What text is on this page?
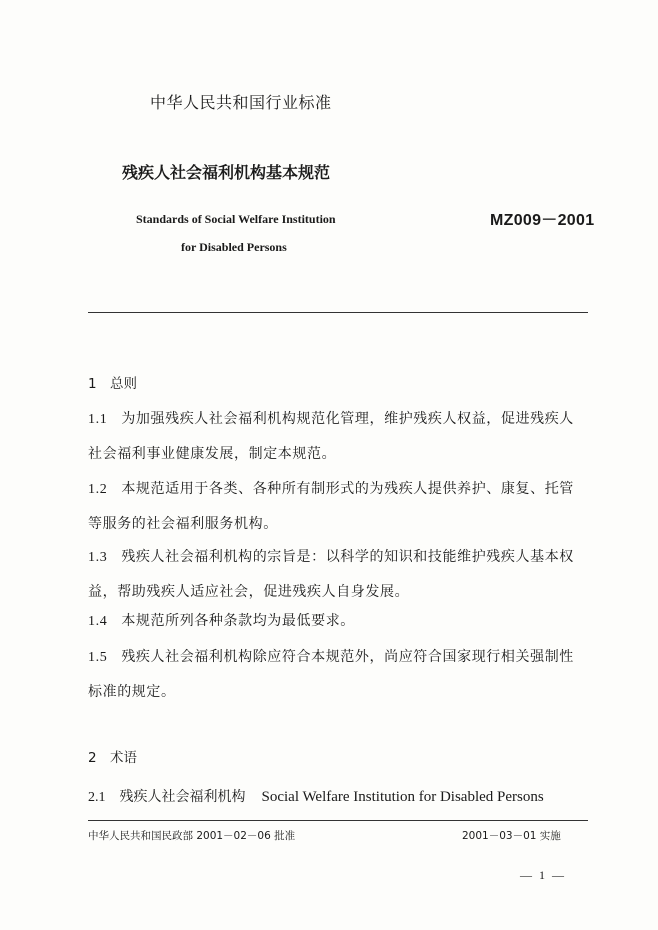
中华人民共和国行业标准
残疾人社会福利机构基本规范
Standards of Social Welfare Institution
for Disabled Persons
MZ009－2001
1 总则
1.1 为加强残疾人社会福利机构规范化管理，维护残疾人权益，促进残疾人社会福利事业健康发展，制定本规范。
1.2 本规范适用于各类、各种所有制形式的为残疾人提供养护、康复、托管等服务的社会福利服务机构。
1.3 残疾人社会福利机构的宗旨是：以科学的知识和技能维护残疾人基本权益，帮助残疾人适应社会，促进残疾人自身发展。
1.4 本规范所列各种条款均为最低要求。
1.5 残疾人社会福利机构除应符合本规范外，尚应符合国家现行相关强制性标准的规定。
2 术语
2.1 残疾人社会福利机构 Social Welfare Institution for Disabled Persons
中华人民共和国民政部 2001－02－06 批准	2001－03－01 实施
— 1 —
